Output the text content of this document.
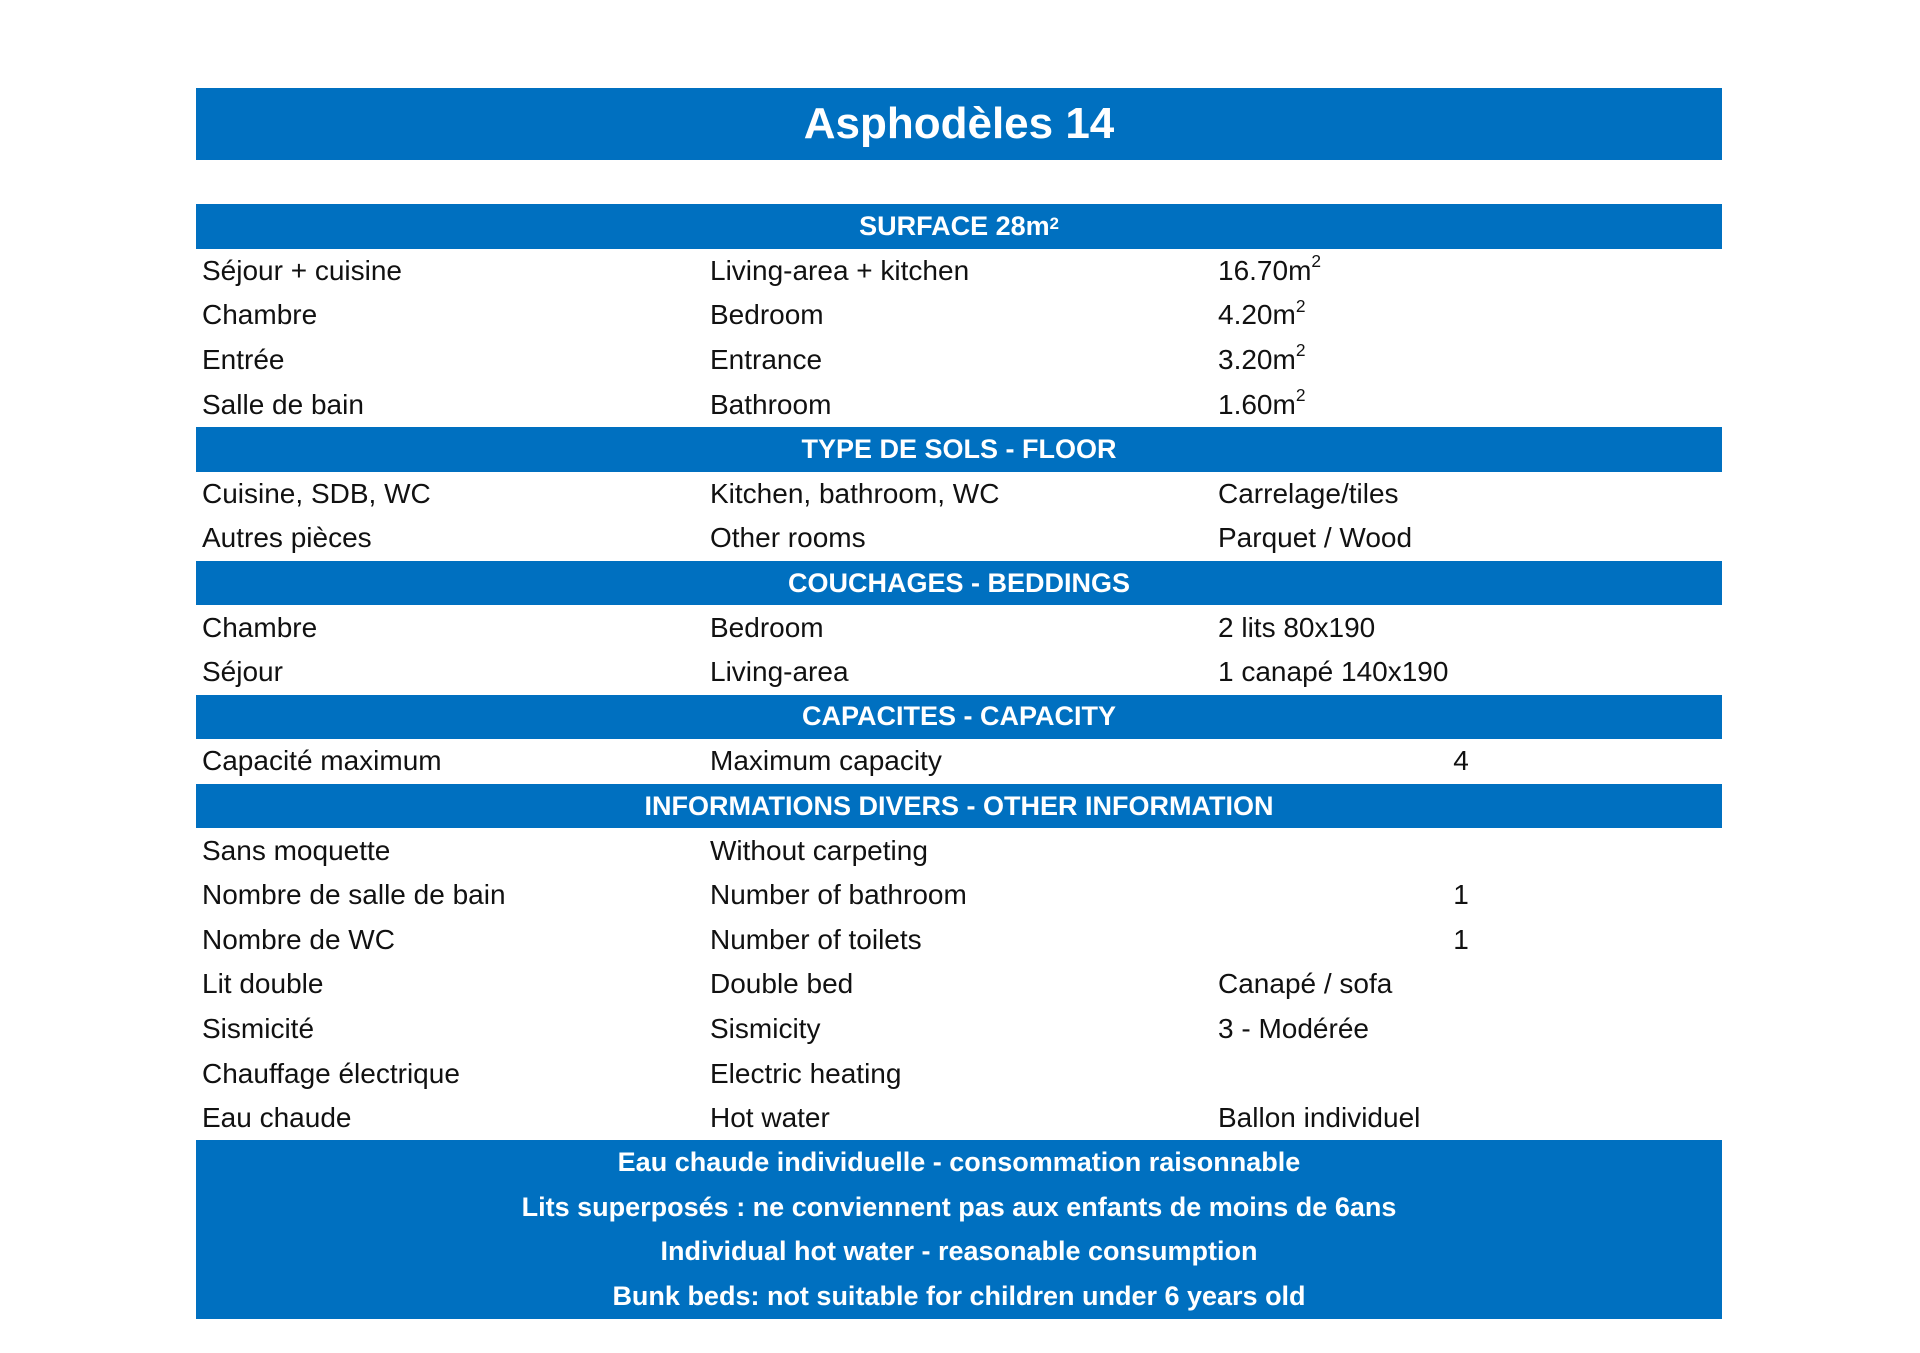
Asphodèles 14
SURFACE $28m^2$
Séjour + cuisine	Living-area + kitchen	$16.70m^2$
Chambre	Bedroom	$4.20m^2$
Entrée	Entrance	$3.20m^2$
Salle de bain	Bathroom	$1.60m^2$
TYPE DE SOLS - FLOOR
Cuisine, SDB, WC	Kitchen, bathroom, WC	Carrelage/tiles
Autres pièces	Other rooms	Parquet / Wood
COUCHAGES - BEDDINGS
Chambre	Bedroom	2 lits 80x190
Séjour	Living-area	1 canapé 140x190
CAPACITES - CAPACITY
Capacité maximum	Maximum capacity	4
INFORMATIONS DIVERS - OTHER INFORMATION
Sans moquette	Without carpeting
Nombre de salle de bain	Number of bathroom	1
Nombre de WC	Number of toilets	1
Lit double	Double bed	Canapé / sofa
Sismicité	Sismicity	3 - Modérée
Chauffage électrique	Electric heating
Eau chaude	Hot water	Ballon individuel
Eau chaude individuelle - consommation raisonnable
Lits superposés : ne conviennent pas aux enfants de moins de 6ans
Individual hot water - reasonable consumption
Bunk beds: not suitable for children under 6 years old
